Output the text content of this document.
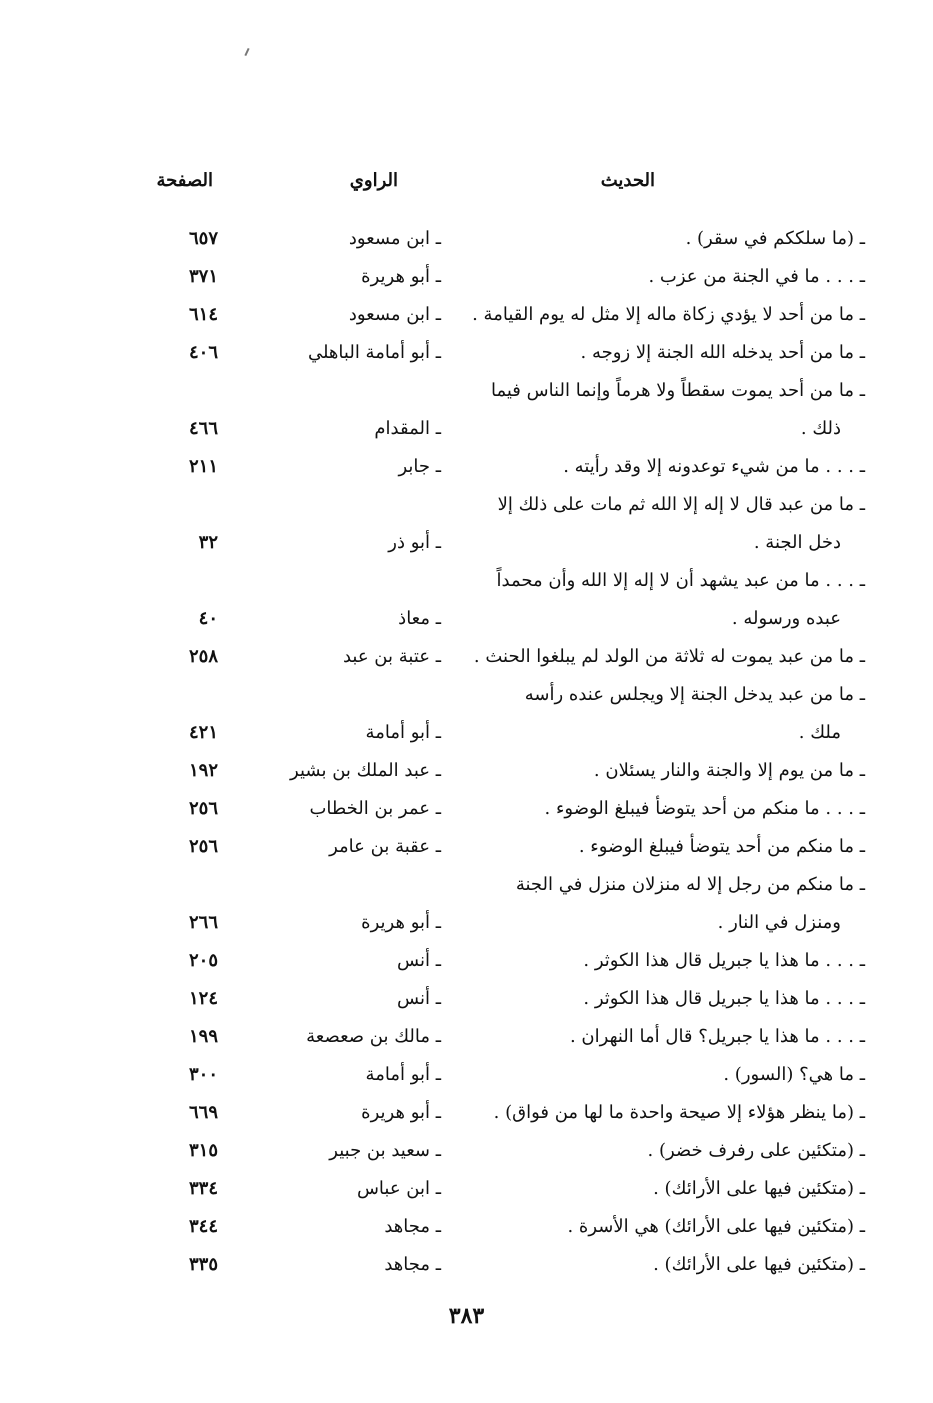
الحديث
الراوي
الصفحة
ـ (ما سلككم في سقر) .
ـ ابن مسعود
٦٥٧
ـ . . . ما في الجنة من عزب .
ـ أبو هريرة
٣٧١
ـ ما من أحد لا يؤدي زكاة ماله إلا مثل له يوم القيامة .
ـ ابن مسعود
٦١٤
ـ ما من أحد يدخله الله الجنة إلا زوجه .
ـ أبو أمامة الباهلي
٤٠٦
ـ ما من أحد يموت سقطاً ولا هرماً وإنما الناس فيما
ذلك .
ـ المقدام
٤٦٦
ـ . . . ما من شيء توعدونه إلا وقد رأيته .
ـ جابر
٢١١
ـ ما من عبد قال لا إله إلا الله ثم مات على ذلك إلا
دخل الجنة .
ـ أبو ذر
٣٢
ـ . . . ما من عبد يشهد أن لا إله إلا الله وأن محمداً
عبده ورسوله .
ـ معاذ
٤٠
ـ ما من عبد يموت له ثلاثة من الولد لم يبلغوا الحنث .
ـ عتبة بن عبد
٢٥٨
ـ ما من عبد يدخل الجنة إلا ويجلس عنده رأسه
ملك .
ـ أبو أمامة
٤٢١
ـ ما من يوم إلا والجنة والنار يسئلان .
ـ عبد الملك بن بشير
١٩٢
ـ . . . ما منكم من أحد يتوضأ فيبلغ الوضوء .
ـ عمر بن الخطاب
٢٥٦
ـ ما منكم من أحد يتوضأ فيبلغ الوضوء .
ـ عقبة بن عامر
٢٥٦
ـ ما منكم من رجل إلا له منزلان منزل في الجنة
ومنزل في النار .
ـ أبو هريرة
٢٦٦
ـ . . . ما هذا يا جبريل قال هذا الكوثر .
ـ أنس
٢٠٥
ـ . . . ما هذا يا جبريل قال هذا الكوثر .
ـ أنس
١٢٤
ـ . . . ما هذا يا جبريل؟ قال أما النهران .
ـ مالك بن صعصعة
١٩٩
ـ ما هي؟ (السور) .
ـ أبو أمامة
٣٠٠
ـ (ما ينظر هؤلاء إلا صيحة واحدة ما لها من فواق) .
ـ أبو هريرة
٦٦٩
ـ (متكئين على رفرف خضر) .
ـ سعيد بن جبير
٣١٥
ـ (متكئين فيها على الأرائك) .
ـ ابن عباس
٣٣٤
ـ (متكئين فيها على الأرائك) هي الأسرة .
ـ مجاهد
٣٤٤
ـ (متكئين فيها على الأرائك) .
ـ مجاهد
٣٣٥
٣٨٣
